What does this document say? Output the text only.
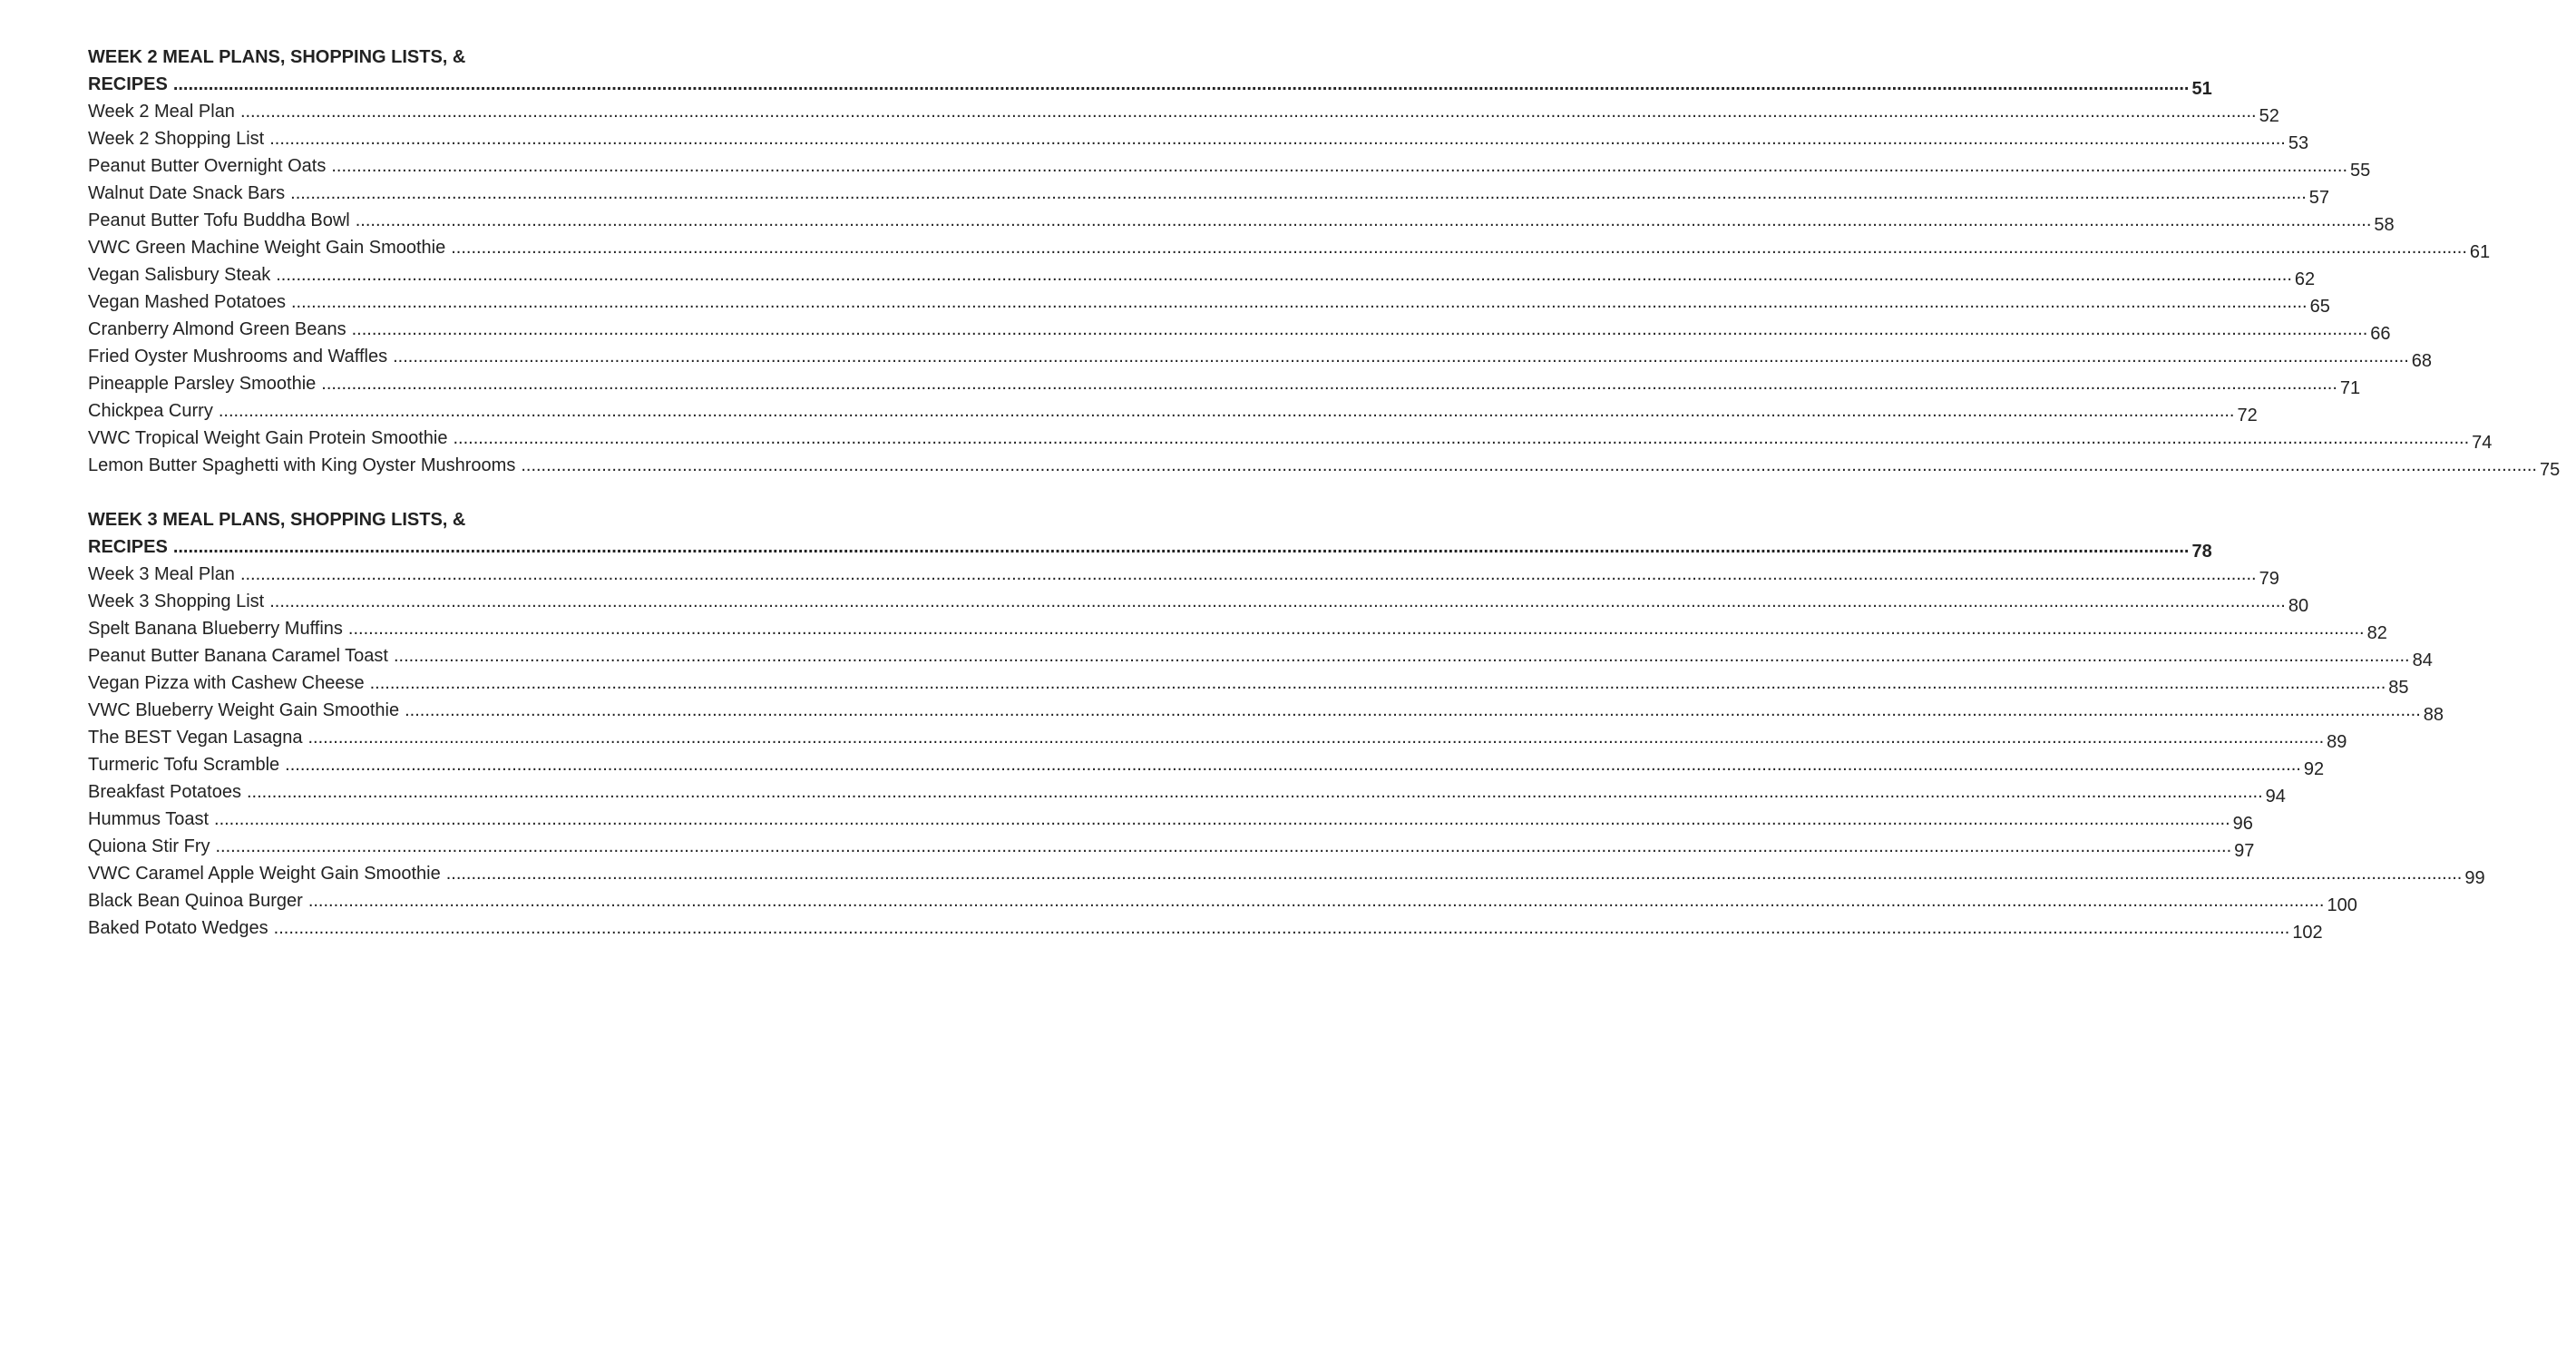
WEEK 2 MEAL PLANS, SHOPPING LISTS, &
RECIPES ................................................................................................................................................................................................................................................................................................................................................................................................................ 51
Week 2 Meal Plan ................................................................................................................................................................................................................................................................................................................................................................................................................ 52
Week 2 Shopping List ................................................................................................................................................................................................................................................................................................................................................................................................................ 53
Peanut Butter Overnight Oats ................................................................................................................................................................................................................................................................................................................................................................................................................ 55
Walnut Date Snack Bars ................................................................................................................................................................................................................................................................................................................................................................................................................ 57
Peanut Butter Tofu Buddha Bowl ................................................................................................................................................................................................................................................................................................................................................................................................................ 58
VWC Green Machine Weight Gain Smoothie ................................................................................................................................................................................................................................................................................................................................................................................................................ 61
Vegan Salisbury Steak ................................................................................................................................................................................................................................................................................................................................................................................................................ 62
Vegan Mashed Potatoes ................................................................................................................................................................................................................................................................................................................................................................................................................ 65
Cranberry Almond Green Beans ................................................................................................................................................................................................................................................................................................................................................................................................................ 66
Fried Oyster Mushrooms and Waffles ................................................................................................................................................................................................................................................................................................................................................................................................................ 68
Pineapple Parsley Smoothie ................................................................................................................................................................................................................................................................................................................................................................................................................ 71
Chickpea Curry ................................................................................................................................................................................................................................................................................................................................................................................................................ 72
VWC Tropical Weight Gain Protein Smoothie ................................................................................................................................................................................................................................................................................................................................................................................................................ 74
Lemon Butter Spaghetti with King Oyster Mushrooms ................................................................................................................................................................................................................................................................................................................................................................................................................ 75
WEEK 3 MEAL PLANS, SHOPPING LISTS, &
RECIPES ................................................................................................................................................................................................................................................................................................................................................................................................................ 78
Week 3 Meal Plan ................................................................................................................................................................................................................................................................................................................................................................................................................ 79
Week 3 Shopping List ................................................................................................................................................................................................................................................................................................................................................................................................................ 80
Spelt Banana Blueberry Muffins ................................................................................................................................................................................................................................................................................................................................................................................................................ 82
Peanut Butter Banana Caramel Toast ................................................................................................................................................................................................................................................................................................................................................................................................................ 84
Vegan Pizza with Cashew Cheese ................................................................................................................................................................................................................................................................................................................................................................................................................ 85
VWC Blueberry Weight Gain Smoothie ................................................................................................................................................................................................................................................................................................................................................................................................................ 88
The BEST Vegan Lasagna ................................................................................................................................................................................................................................................................................................................................................................................................................ 89
Turmeric Tofu Scramble ................................................................................................................................................................................................................................................................................................................................................................................................................ 92
Breakfast Potatoes ................................................................................................................................................................................................................................................................................................................................................................................................................ 94
Hummus Toast ................................................................................................................................................................................................................................................................................................................................................................................................................ 96
Quiona Stir Fry ................................................................................................................................................................................................................................................................................................................................................................................................................ 97
VWC Caramel Apple Weight Gain Smoothie ................................................................................................................................................................................................................................................................................................................................................................................................................ 99
Black Bean Quinoa Burger ................................................................................................................................................................................................................................................................................................................................................................................................................ 100
Baked Potato Wedges ................................................................................................................................................................................................................................................................................................................................................................................................................ 102
